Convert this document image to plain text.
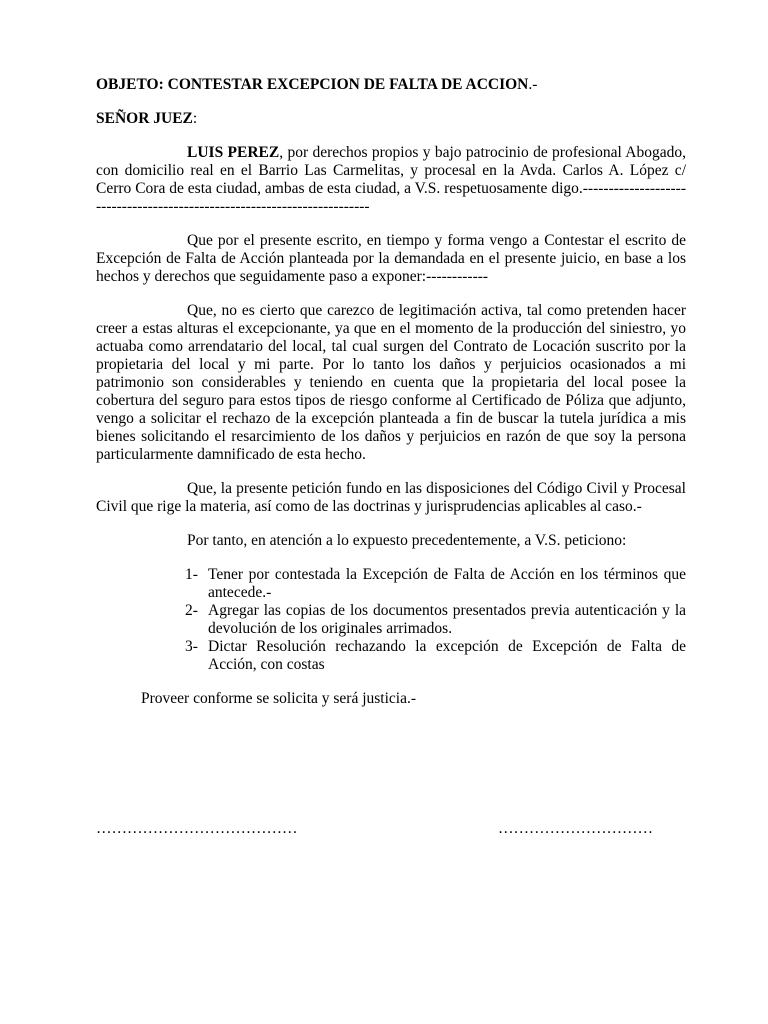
OBJETO: CONTESTAR EXCEPCION DE FALTA DE ACCION.-

SEÑOR JUEZ:

LUIS PEREZ, por derechos propios y bajo patrocinio de profesional Abogado, con domicilio real en el Barrio Las Carmelitas, y procesal en la Avda. Carlos A. López c/ Cerro Cora de esta ciudad, ambas de esta ciudad, a V.S. respetuosamente digo.-------------------------------------------------------------------------

Que por el presente escrito, en tiempo y forma vengo a Contestar el escrito de Excepción de Falta de Acción planteada por la demandada en el presente juicio, en base a los hechos y derechos que seguidamente paso a exponer:------------

Que, no es cierto que carezco de legitimación activa, tal como pretenden hacer creer a estas alturas el excepcionante, ya que en el momento de la producción del siniestro, yo actuaba como arrendatario del local, tal cual surgen del Contrato de Locación suscrito por la propietaria del local y mi parte. Por lo tanto los daños y perjuicios ocasionados a mi patrimonio son considerables y teniendo en cuenta que la propietaria del local posee la cobertura del seguro para estos tipos de riesgo conforme al Certificado de Póliza que adjunto, vengo a solicitar el rechazo de la excepción planteada a fin de buscar la tutela jurídica a mis bienes solicitando el resarcimiento de los daños y perjuicios en razón de que soy la persona particularmente damnificado de esta hecho.

Que, la presente petición fundo en las disposiciones del Código Civil y Procesal Civil que rige la materia, así como de las doctrinas y jurisprudencias aplicables al caso.-

Por tanto, en atención a lo expuesto precedentemente, a V.S. peticiono:

1- Tener por contestada la Excepción de Falta de Acción en los términos que antecede.-
2- Agregar las copias de los documentos presentados previa autenticación y la devolución de los originales arrimados.
3- Dictar Resolución rechazando la excepción de Excepción de Falta de Acción, con costas

Proveer conforme se solicita y será justicia.-

…………………………………	…………………………
